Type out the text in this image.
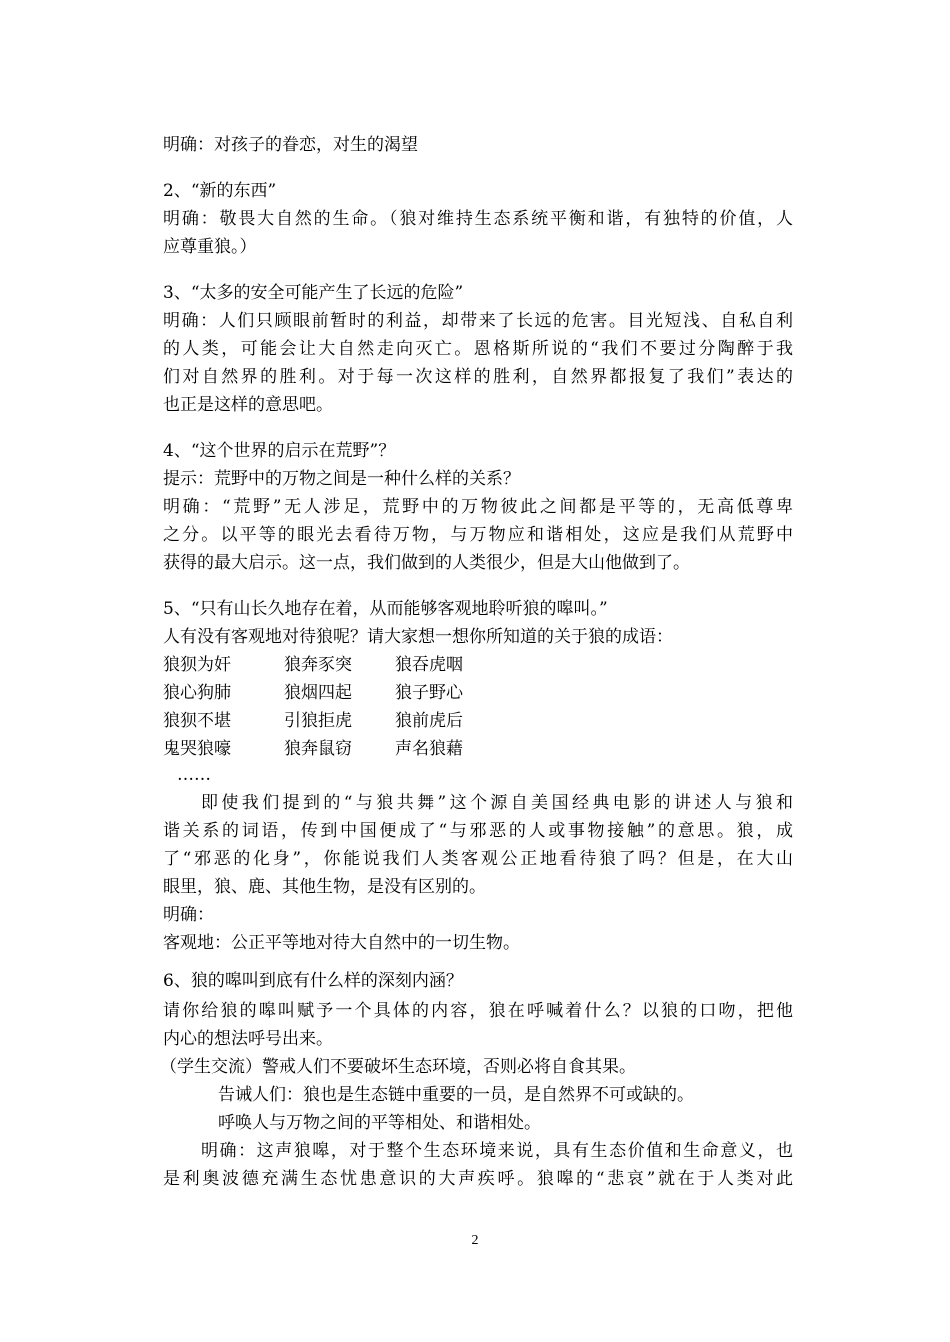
明确：对孩子的眷恋，对生的渴望
2、“新的东西”
明确：敬畏大自然的生命。（狼对维持生态系统平衡和谐，有独特的价值，人
应尊重狼。）
3、“太多的安全可能产生了长远的危险”
明确：人们只顾眼前暂时的利益，却带来了长远的危害。目光短浅、自私自利
的人类，可能会让大自然走向灭亡。恩格斯所说的“我们不要过分陶醉于我
们对自然界的胜利。对于每一次这样的胜利，自然界都报复了我们”表达的
也正是这样的意思吧。
4、“这个世界的启示在荒野”？
提示：荒野中的万物之间是一种什么样的关系？
明确：“荒野”无人涉足，荒野中的万物彼此之间都是平等的，无高低尊卑
之分。以平等的眼光去看待万物，与万物应和谐相处，这应是我们从荒野中
获得的最大启示。这一点，我们做到的人类很少，但是大山他做到了。
5、“只有山长久地存在着，从而能够客观地聆听狼的嗥叫。”
人有没有客观地对待狼呢？请大家想一想你所知道的关于狼的成语：
狼狈为奸	狼奔豕突	狼吞虎咽
狼心狗肺	狼烟四起	狼子野心
狼狈不堪	引狼拒虎	狼前虎后
鬼哭狼嚎	狼奔鼠窃	声名狼藉
……
即使我们提到的“与狼共舞”这个源自美国经典电影的讲述人与狼和
谐关系的词语，传到中国便成了“与邪恶的人或事物接触”的意思。狼，成
了“邪恶的化身”，你能说我们人类客观公正地看待狼了吗？但是，在大山
眼里，狼、鹿、其他生物，是没有区别的。
明确：
客观地：公正平等地对待大自然中的一切生物。
6、狼的嗥叫到底有什么样的深刻内涵？
请你给狼的嗥叫赋予一个具体的内容，狼在呼喊着什么？以狼的口吻，把他
内心的想法呼号出来。
（学生交流）警戒人们不要破坏生态环境，否则必将自食其果。
告诫人们：狼也是生态链中重要的一员，是自然界不可或缺的。
呼唤人与万物之间的平等相处、和谐相处。
明确：这声狼嗥，对于整个生态环境来说，具有生态价值和生命意义，也
是利奥波德充满生态忧患意识的大声疾呼。狼嗥的“悲哀”就在于人类对此
2
